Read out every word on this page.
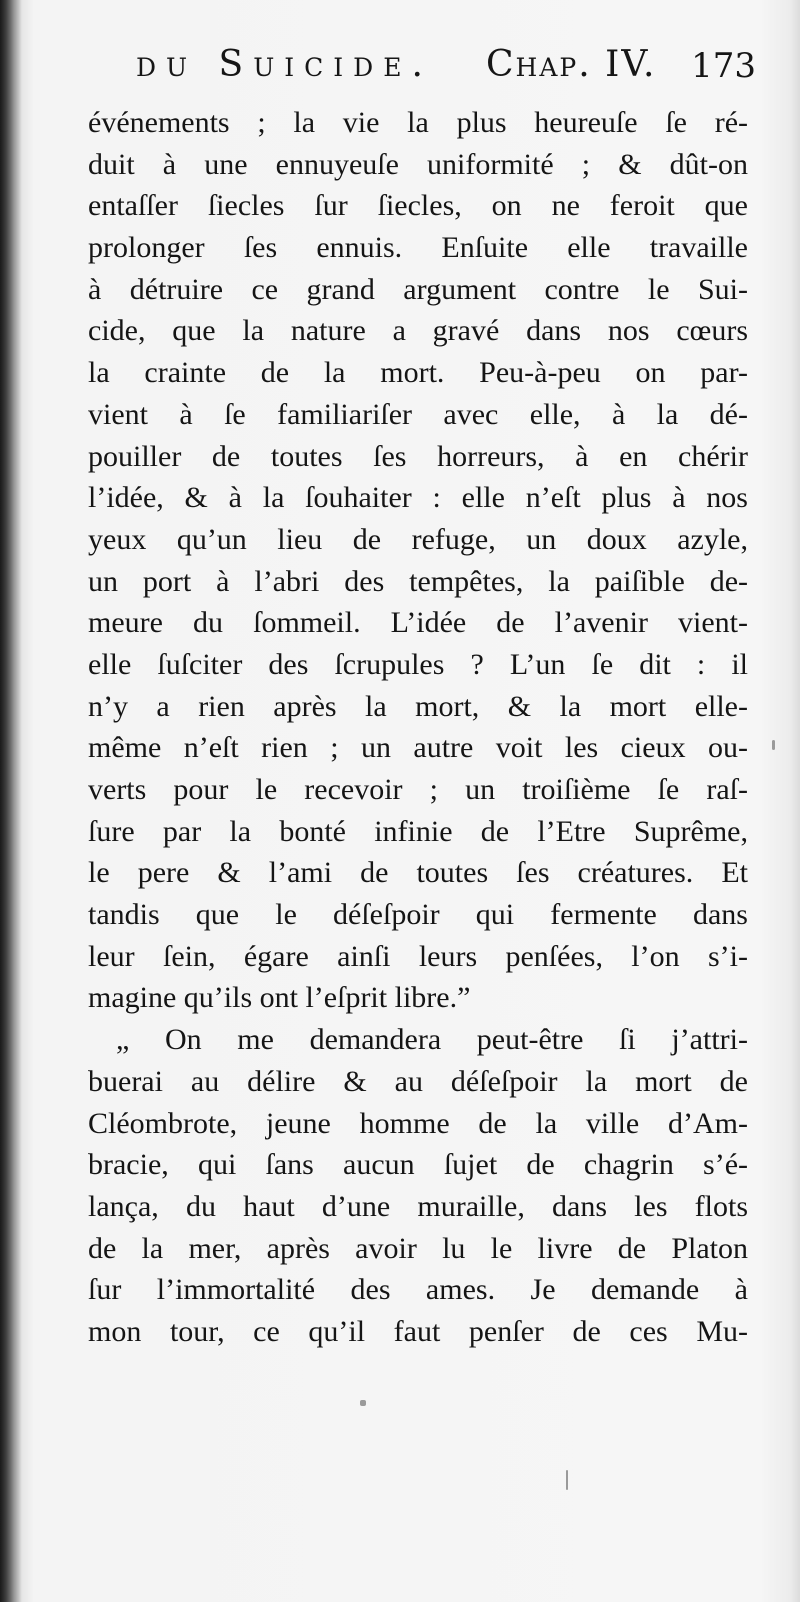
du Suicide. Chap. IV. 173
événements ; la vie la plus heureuſe ſe ré-
duit à une ennuyeuſe uniformité ; & dût-on
entaſſer ſiecles ſur ſiecles, on ne feroit que
prolonger ſes ennuis. Enſuite elle travaille
à détruire ce grand argument contre le Sui-
cide, que la nature a gravé dans nos cœurs
la crainte de la mort. Peu-à-peu on par-
vient à ſe familiariſer avec elle, à la dé-
pouiller de toutes ſes horreurs, à en chérir
l’idée, & à la ſouhaiter : elle n’eſt plus à nos
yeux qu’un lieu de refuge, un doux azyle,
un port à l’abri des tempêtes, la paiſible de-
meure du ſommeil. L’idée de l’avenir vient-
elle ſuſciter des ſcrupules ? L’un ſe dit : il
n’y a rien après la mort, & la mort elle-
même n’eſt rien ; un autre voit les cieux ou-
verts pour le recevoir ; un troiſième ſe raſ-
ſure par la bonté infinie de l’Etre Suprême,
le pere & l’ami de toutes ſes créatures. Et
tandis que le déſeſpoir qui fermente dans
leur ſein, égare ainſi leurs penſées, l’on s’i-
magine qu’ils ont l’eſprit libre.”
„ On me demandera peut-être ſi j’attri-
buerai au délire & au déſeſpoir la mort de
Cléombrote, jeune homme de la ville d’Am-
bracie, qui ſans aucun ſujet de chagrin s’é-
lança, du haut d’une muraille, dans les flots
de la mer, après avoir lu le livre de Platon
ſur l’immortalité des ames. Je demande à
mon tour, ce qu’il faut penſer de ces Mu-
